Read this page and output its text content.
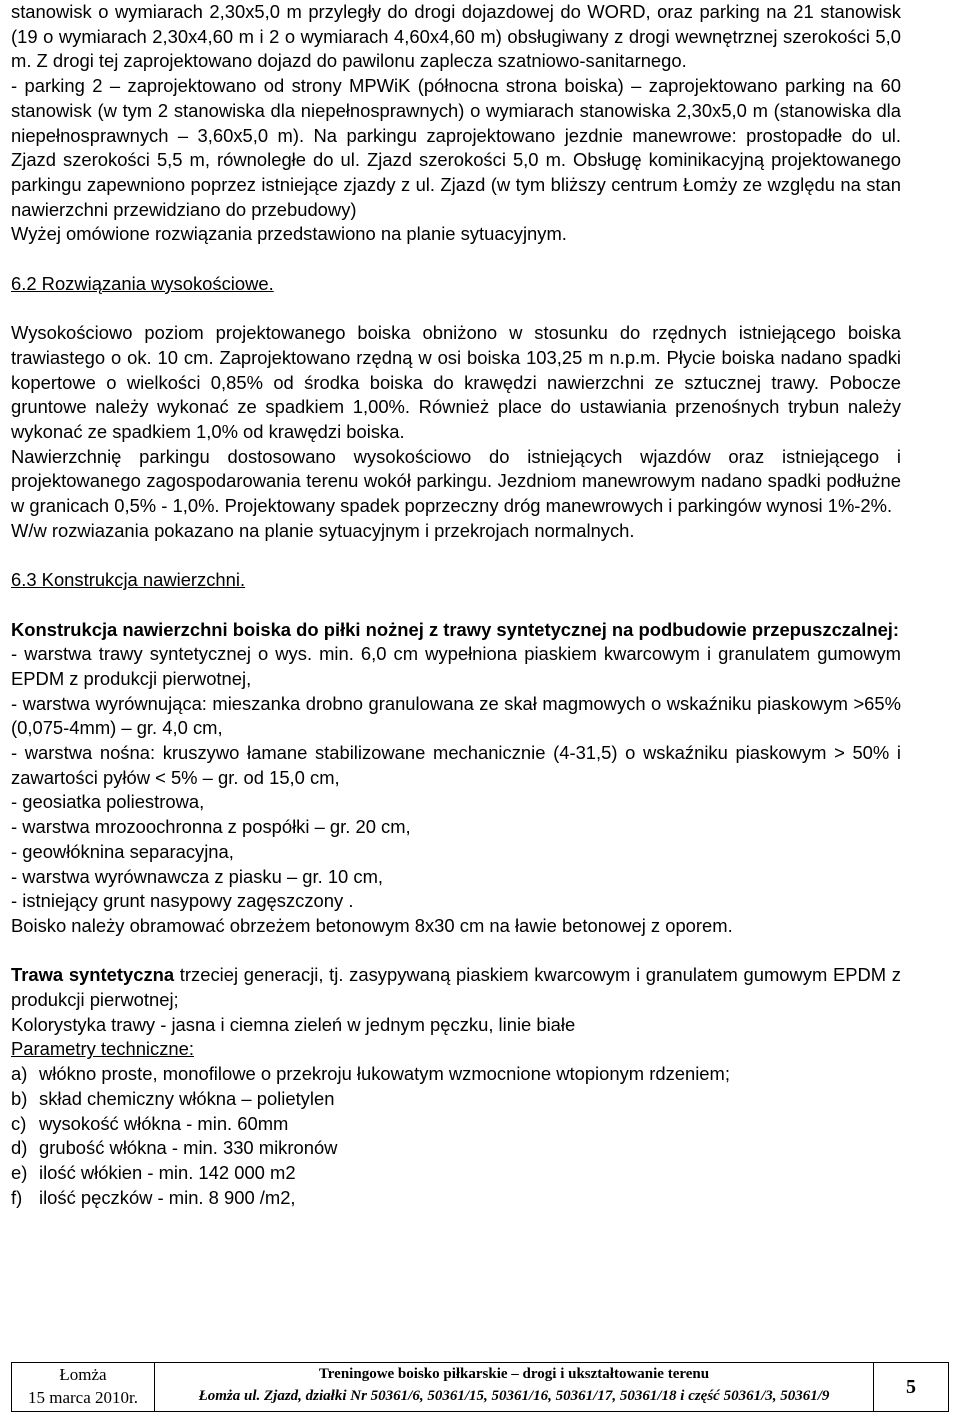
stanowisk o wymiarach 2,30x5,0 m przyległy do drogi dojazdowej do WORD, oraz parking na 21 stanowisk (19 o wymiarach 2,30x4,60 m i 2 o wymiarach 4,60x4,60 m) obsługiwany z drogi wewnętrznej szerokości 5,0 m. Z drogi tej zaprojektowano dojazd do pawilonu zaplecza szatniowo-sanitarnego.

- parking 2 – zaprojektowano od strony MPWiK (północna strona boiska) – zaprojektowano parking na 60 stanowisk (w tym 2 stanowiska dla niepełnosprawnych) o wymiarach stanowiska 2,30x5,0 m (stanowiska dla niepełnosprawnych – 3,60x5,0 m). Na parkingu zaprojektowano jezdnie manewrowe: prostopadłe do ul. Zjazd szerokości 5,5 m, równoległe do ul. Zjazd szerokości 5,0 m. Obsługę kominikacyjną projektowanego parkingu zapewniono poprzez istniejące zjazdy z ul. Zjazd (w tym bliższy centrum Łomży ze względu na stan nawierzchni przewidziano do przebudowy)

Wyżej omówione rozwiązania przedstawiono na planie sytuacyjnym.

6.2 Rozwiązania wysokościowe.

Wysokościowo poziom projektowanego boiska obniżono w stosunku do rzędnych istniejącego boiska trawiastego o ok. 10 cm. Zaprojektowano rzędną w osi boiska 103,25 m n.p.m. Płycie boiska nadano spadki kopertowe o wielkości 0,85% od środka boiska do krawędzi nawierzchni ze sztucznej trawy. Pobocze gruntowe należy wykonać ze spadkiem 1,00%. Również place do ustawiania przenośnych trybun należy wykonać ze spadkiem 1,0% od krawędzi boiska.

Nawierzchnię parkingu dostosowano wysokościowo do istniejących wjazdów oraz istniejącego i projektowanego zagospodarowania terenu wokół parkingu. Jezdniom manewrowym nadano spadki podłużne w granicach 0,5% - 1,0%. Projektowany spadek poprzeczny dróg manewrowych i parkingów wynosi 1%-2%.

W/w rozwiazania pokazano na planie sytuacyjnym i przekrojach normalnych.

6.3 Konstrukcja nawierzchni.

Konstrukcja nawierzchni boiska do piłki nożnej z trawy syntetycznej na podbudowie przepuszczalnej:

- warstwa trawy syntetycznej o wys. min. 6,0 cm wypełniona piaskiem kwarcowym i granulatem gumowym EPDM z produkcji pierwotnej,

- warstwa wyrównująca: mieszanka drobno granulowana ze skał magmowych o wskaźniku piaskowym >65% (0,075-4mm) – gr. 4,0 cm,

- warstwa nośna: kruszywo łamane stabilizowane mechanicznie (4-31,5) o wskaźniku piaskowym > 50% i zawartości pyłów < 5% – gr. od 15,0 cm,

- geosiatka poliestrowa,

- warstwa mrozoochronna z pospółki – gr. 20 cm,

- geowłóknina separacyjna,

- warstwa wyrównawcza z piasku – gr. 10 cm,

- istniejący grunt nasypowy zagęszczony .

Boisko należy obramować obrzeżem betonowym 8x30 cm na ławie betonowej z oporem.

Trawa syntetyczna trzeciej generacji, tj. zasypywaną piaskiem kwarcowym i granulatem gumowym EPDM z produkcji pierwotnej;

Kolorystyka trawy - jasna i ciemna zieleń w jednym pęczku, linie białe

Parametry techniczne:

a) włókno proste, monofilowe o przekroju łukowatym wzmocnione wtopionym rdzeniem;
b) skład chemiczny włókna – polietylen
c) wysokość włókna - min. 60mm
d) grubość włókna - min. 330 mikronów
e) ilość włókien - min. 142 000 m2
f) ilość pęczków - min. 8 900 /m2,
Łomża
15 marca 2010r.

Treningowe boisko piłkarskie – drogi i ukształtowanie terenu
Łomża ul. Zjazd, działki Nr 50361/6, 50361/15, 50361/16, 50361/17, 50361/18 i część 50361/3, 50361/9	5
